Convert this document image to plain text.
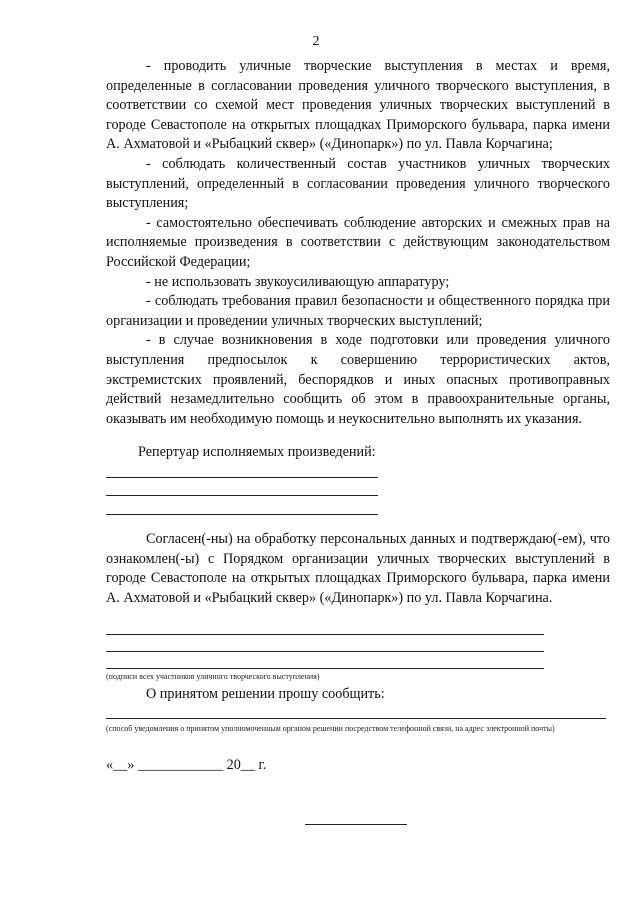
2

- проводить уличные творческие выступления в местах и время, определенные в согласовании проведения уличного творческого выступления, в соответствии со схемой мест проведения уличных творческих выступлений в городе Севастополе на открытых площадках Приморского бульвара, парка имени А. Ахматовой и «Рыбацкий сквер» («Динопарк») по ул. Павла Корчагина;

- соблюдать количественный состав участников уличных творческих выступлений, определенный в согласовании проведения уличного творческого выступления;

- самостоятельно обеспечивать соблюдение авторских и смежных прав на исполняемые произведения в соответствии с действующим законодательством Российской Федерации;

- не использовать звукоусиливающую аппаратуру;

- соблюдать требования правил безопасности и общественного порядка при организации и проведении уличных творческих выступлений;

- в случае возникновения в ходе подготовки или проведения уличного выступления предпосылок к совершению террористических актов, экстремистских проявлений, беспорядков и иных опасных противоправных действий незамедлительно сообщить об этом в правоохранительные органы, оказывать им необходимую помощь и неукоснительно выполнять их указания.

Репертуар исполняемых произведений:

Согласен(-ны) на обработку персональных данных и подтверждаю(-ем), что ознакомлен(-ы) с Порядком организации уличных творческих выступлений в городе Севастополе на открытых площадках Приморского бульвара, парка имени А. Ахматовой и «Рыбацкий сквер» («Динопарк») по ул. Павла Корчагина.

(подписи всех участников уличного творческого выступления)
О принятом решении прошу сообщить:
(способ уведомления о принятом уполномоченным органом решении посредством телефонной связи, на адрес электронной почты)
«__» ____________ 20__ г.
